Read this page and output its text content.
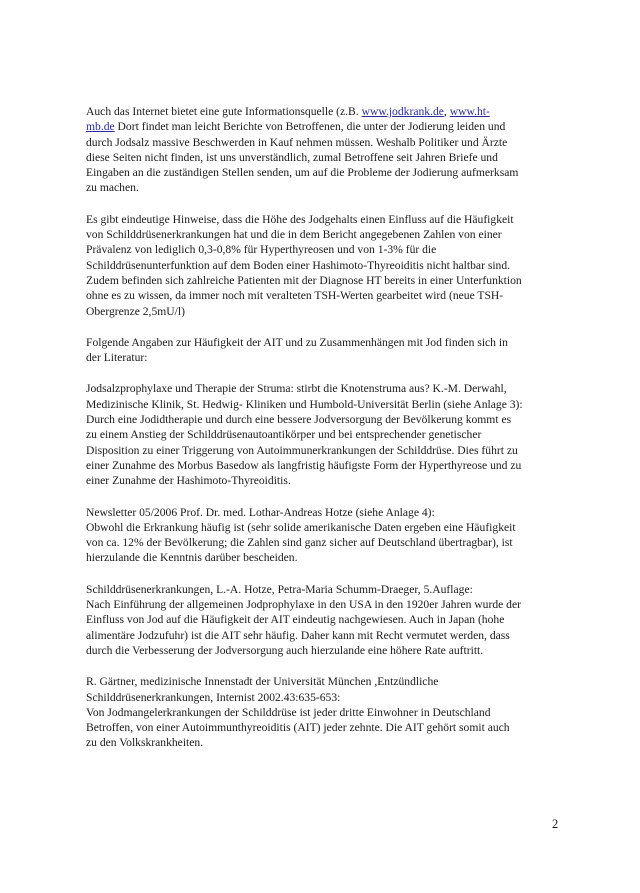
Auch das Internet bietet eine gute Informationsquelle (z.B. www.jodkrank.de, www.ht-
mb.de Dort findet man leicht Berichte von Betroffenen, die unter der Jodierung leiden und
durch Jodsalz massive Beschwerden in Kauf nehmen müssen. Weshalb Politiker und Ärzte
diese Seiten nicht finden, ist uns unverständlich, zumal Betroffene seit Jahren Briefe und
Eingaben an die zuständigen Stellen senden, um auf die Probleme der Jodierung aufmerksam
zu machen.
Es gibt eindeutige Hinweise, dass die Höhe des Jodgehalts einen Einfluss auf die Häufigkeit
von Schilddrüsenerkrankungen hat und die in dem Bericht angegebenen Zahlen von einer
Prävalenz von lediglich 0,3-0,8% für Hyperthyreosen und von 1-3% für die
Schilddrüsenunterfunktion auf dem Boden einer Hashimoto-Thyreoiditis nicht haltbar sind.
Zudem befinden sich zahlreiche Patienten mit der Diagnose HT bereits in einer Unterfunktion
ohne es zu wissen, da immer noch mit veralteten TSH-Werten gearbeitet wird (neue TSH-
Obergrenze 2,5mU/l)
Folgende Angaben zur Häufigkeit der AIT und zu Zusammenhängen mit Jod finden sich in
der Literatur:
Jodsalzprophylaxe und Therapie der Struma: stirbt die Knotenstruma aus? K.-M. Derwahl,
Medizinische Klinik, St. Hedwig- Kliniken und Humbold-Universität Berlin (siehe Anlage 3):
Durch eine Jodidtherapie und durch eine bessere Jodversorgung der Bevölkerung kommt es
zu einem Anstieg der Schilddrüsenautoantikörper und bei entsprechender genetischer
Disposition zu einer Triggerung von Autoimmunerkrankungen der Schilddrüse. Dies führt zu
einer Zunahme des Morbus Basedow als langfristig häufigste Form der Hyperthyreose und zu
einer Zunahme der Hashimoto-Thyreoiditis.
Newsletter 05/2006 Prof. Dr. med. Lothar-Andreas Hotze (siehe Anlage 4):
Obwohl die Erkrankung häufig ist (sehr solide amerikanische Daten ergeben eine Häufigkeit
von ca. 12% der Bevölkerung; die Zahlen sind ganz sicher auf Deutschland übertragbar), ist
hierzulande die Kenntnis darüber bescheiden.
Schilddrüsenerkrankungen, L.-A. Hotze, Petra-Maria Schumm-Draeger, 5.Auflage:
Nach Einführung der allgemeinen Jodprophylaxe in den USA in den 1920er Jahren wurde der
Einfluss von Jod auf die Häufigkeit der AIT eindeutig nachgewiesen. Auch in Japan (hohe
alimentäre Jodzufuhr) ist die AIT sehr häufig. Daher kann mit Recht vermutet werden, dass
durch die Verbesserung der Jodversorgung auch hierzulande eine höhere Rate auftritt.
R. Gärtner, medizinische Innenstadt der Universität München ,Entzündliche
Schilddrüsenerkrankungen, Internist 2002.43:635-653:
Von Jodmangelerkrankungen der Schilddrüse ist jeder dritte Einwohner in Deutschland
Betroffen, von einer Autoimmunthyreoiditis (AIT) jeder zehnte. Die AIT gehört somit auch
zu den Volkskrankheiten.
2
